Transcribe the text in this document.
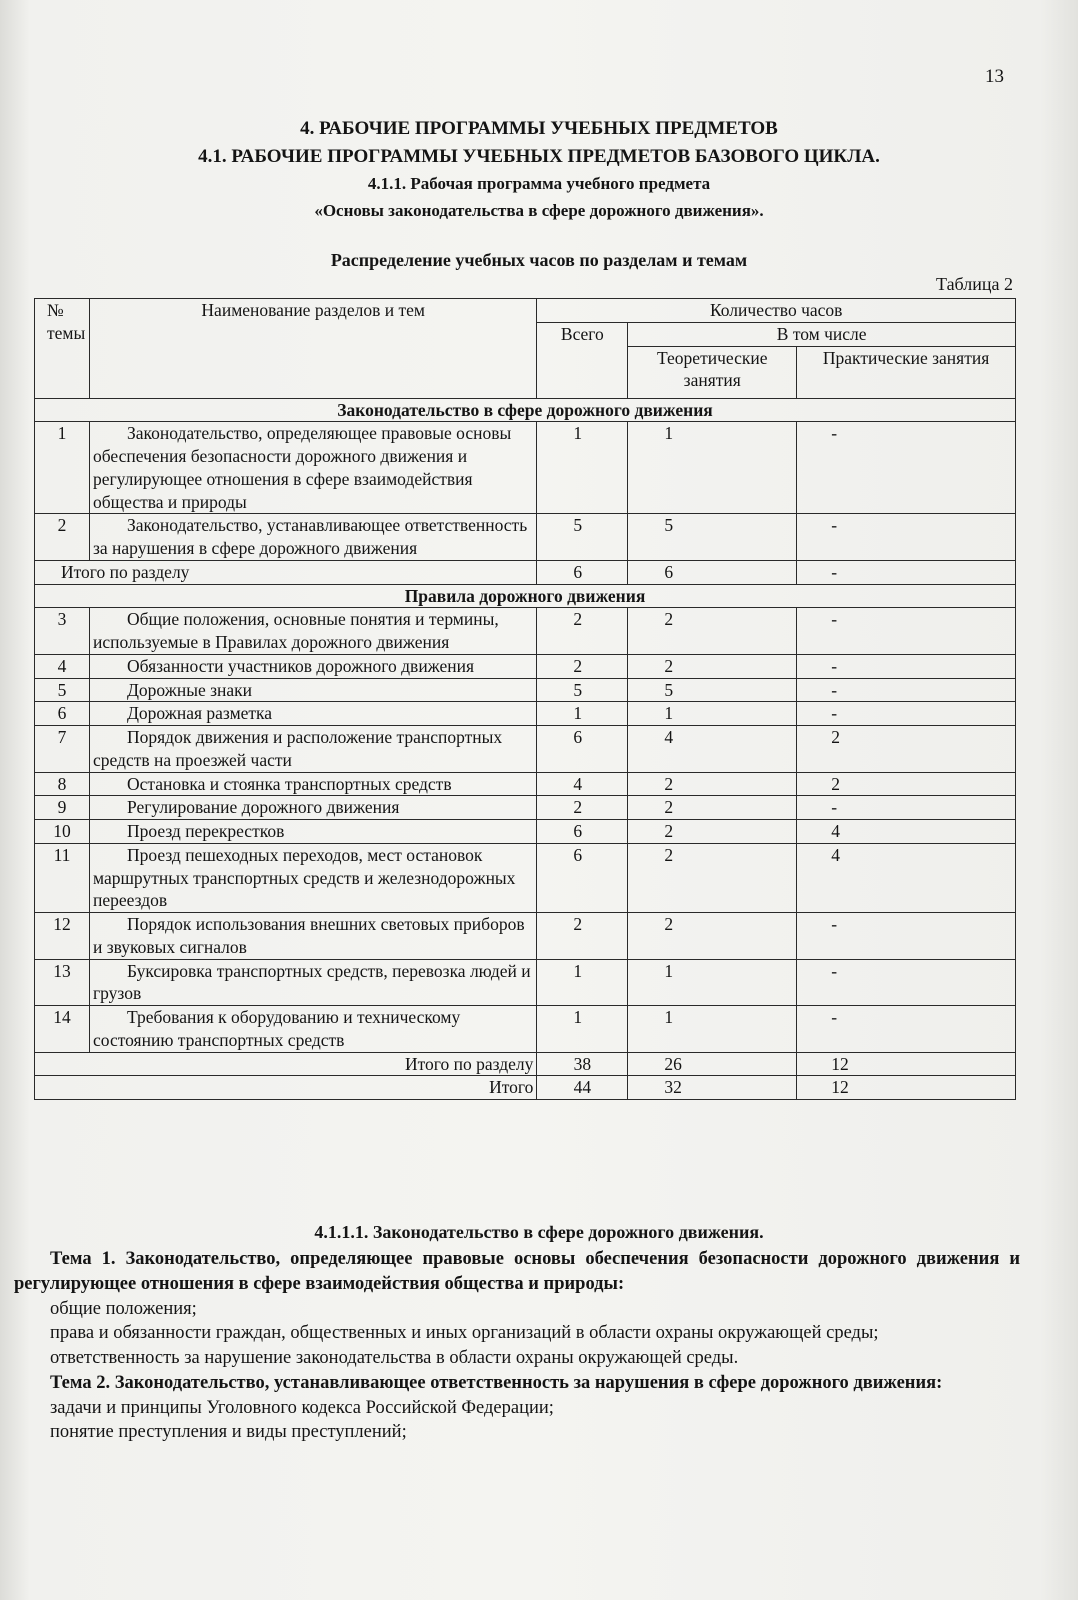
13
4. РАБОЧИЕ ПРОГРАММЫ УЧЕБНЫХ ПРЕДМЕТОВ
4.1. РАБОЧИЕ ПРОГРАММЫ УЧЕБНЫХ ПРЕДМЕТОВ БАЗОВОГО ЦИКЛА.
4.1.1. Рабочая программа учебного предмета
«Основы законодательства в сфере дорожного движения».
Распределение учебных часов по разделам и темам
Таблица 2
№ темы	Наименование разделов и тем	Количество часов		
		Всего	В том числе	
			Теоретические занятия	Практические занятия
Законодательство в сфере дорожного движения				
1	Законодательство, определяющее правовые основы обеспечения безопасности дорожного движения и регулирующее отношения в сфере взаимодействия общества и природы	1	1	-
2	Законодательство, устанавливающее ответственность за нарушения в сфере дорожного движения	5	5	-
Итого по разделу		6	6	-
Правила дорожного движения				
3	Общие положения, основные понятия и термины, используемые в Правилах дорожного движения	2	2	-
4	Обязанности участников дорожного движения	2	2	-
5	Дорожные знаки	5	5	-
6	Дорожная разметка	1	1	-
7	Порядок движения и расположение транспортных средств на проезжей части	6	4	2
8	Остановка и стоянка транспортных средств	4	2	2
9	Регулирование дорожного движения	2	2	-
10	Проезд перекрестков	6	2	4
11	Проезд пешеходных переходов, мест остановок маршрутных транспортных средств и железнодорожных переездов	6	2	4
12	Порядок использования внешних световых приборов и звуковых сигналов	2	2	-
13	Буксировка транспортных средств, перевозка людей и грузов	1	1	-
14	Требования к оборудованию и техническому состоянию транспортных средств	1	1	-
Итого по разделу		38	26	12
Итого		44	32	12
4.1.1.1. Законодательство в сфере дорожного движения.

Тема 1. Законодательство, определяющее правовые основы обеспечения безопасности дорожного движения и регулирующее отношения в сфере взаимодействия общества и природы:

общие положения;

права и обязанности граждан, общественных и иных организаций в области охраны окружающей среды;

ответственность за нарушение законодательства в области охраны окружающей среды.

Тема 2. Законодательство, устанавливающее ответственность за нарушения в сфере дорожного движения:

задачи и принципы Уголовного кодекса Российской Федерации;

понятие преступления и виды преступлений;
